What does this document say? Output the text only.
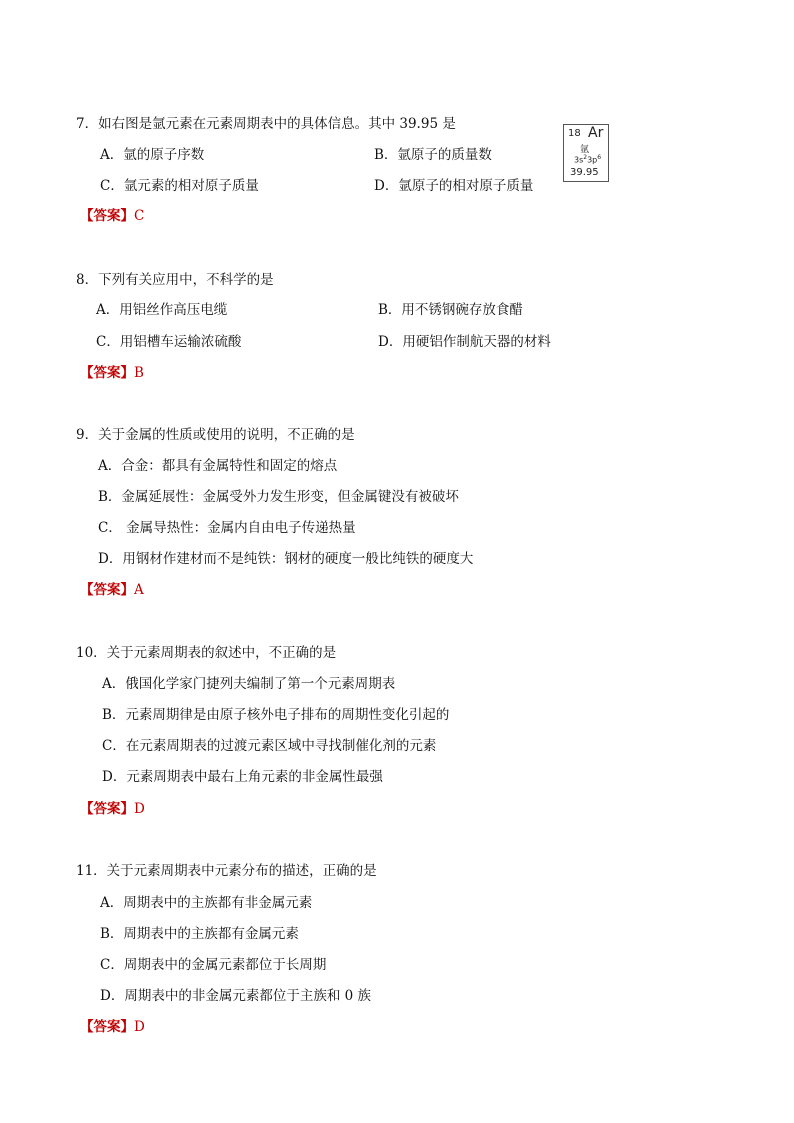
7．如右图是氩元素在元素周期表中的具体信息。其中 39.95 是
A．氩的原子序数	B．氩原子的质量数
C．氩元素的相对原子质量	D．氩原子的相对原子质量
【答案】C
18 Ar
氩
$3s^23p^6$
39.95
8．下列有关应用中，不科学的是
A．用铝丝作高压电缆	B．用不锈钢碗存放食醋
C．用铝槽车运输浓硫酸	D．用硬铝作制航天器的材料
【答案】B
9．关于金属的性质或使用的说明，不正确的是
A．合金：都具有金属特性和固定的熔点
B．金属延展性：金属受外力发生形变，但金属键没有被破坏
C． 金属导热性：金属内自由电子传递热量
D．用钢材作建材而不是纯铁：钢材的硬度一般比纯铁的硬度大
【答案】A
10．关于元素周期表的叙述中，不正确的是
A．俄国化学家门捷列夫编制了第一个元素周期表
B．元素周期律是由原子核外电子排布的周期性变化引起的
C．在元素周期表的过渡元素区域中寻找制催化剂的元素
D．元素周期表中最右上角元素的非金属性最强
【答案】D
11．关于元素周期表中元素分布的描述，正确的是
A．周期表中的主族都有非金属元素
B．周期表中的主族都有金属元素
C．周期表中的金属元素都位于长周期
D．周期表中的非金属元素都位于主族和 0 族
【答案】D
